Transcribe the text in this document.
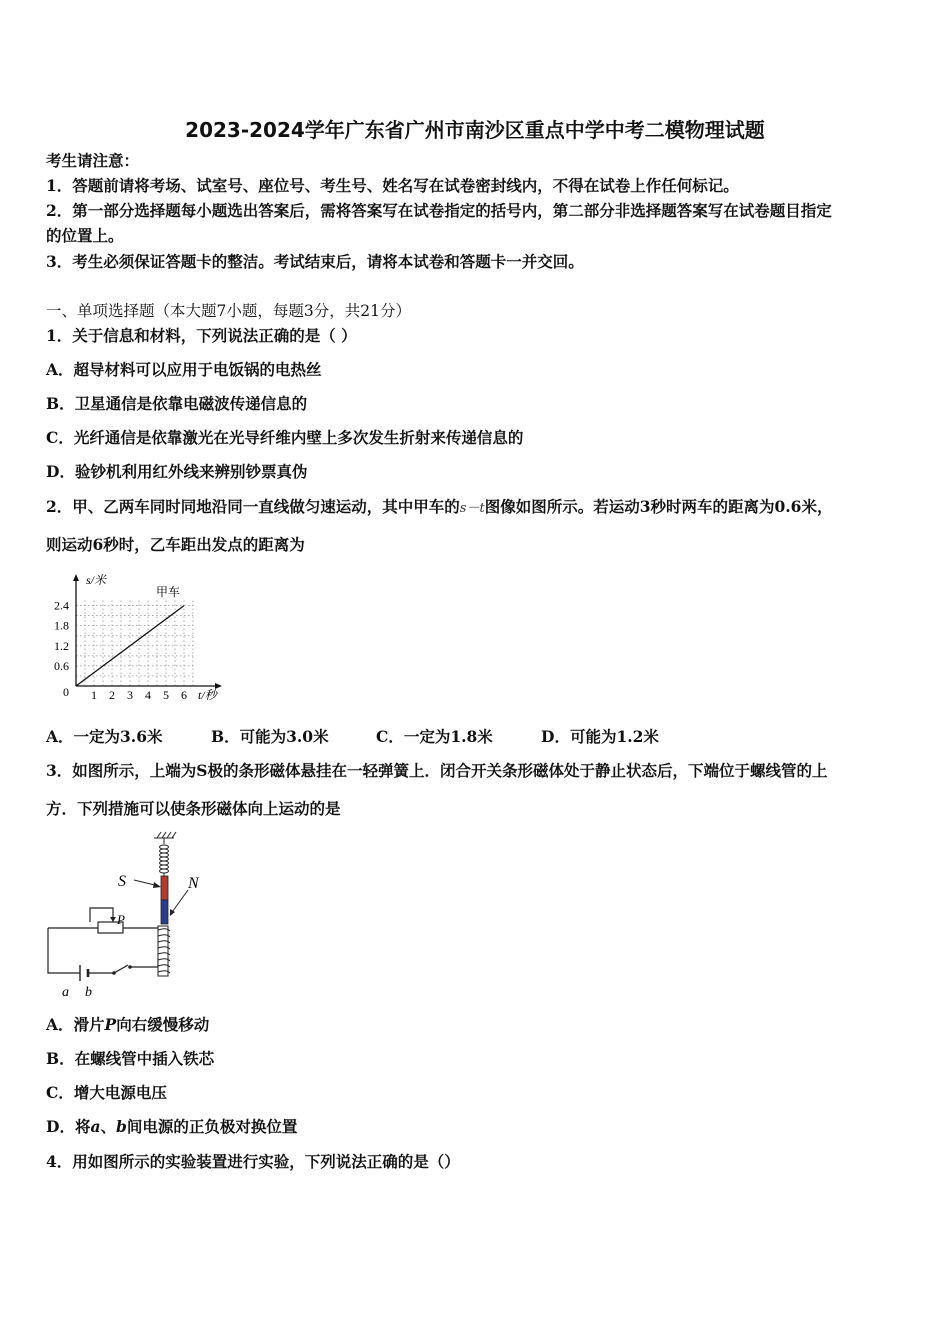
2023-2024学年广东省广州市南沙区重点中学中考二模物理试题
考生请注意：
1．答题前请将考场、试室号、座位号、考生号、姓名写在试卷密封线内，不得在试卷上作任何标记。
2．第一部分选择题每小题选出答案后，需将答案写在试卷指定的括号内，第二部分非选择题答案写在试卷题目指定
的位置上。
3．考生必须保证答题卡的整洁。考试结束后，请将本试卷和答题卡一并交回。
一、单项选择题（本大题7小题，每题3分，共21分）
1．关于信息和材料，下列说法正确的是（ ）
A．超导材料可以应用于电饭锅的电热丝
B．卫星通信是依靠电磁波传递信息的
C．光纤通信是依靠激光在光导纤维内壁上多次发生折射来传递信息的
D．验钞机利用红外线来辨别钞票真伪
2．甲、乙两车同时同地沿同一直线做匀速运动，其中甲车的s－t图像如图所示。若运动3秒时两车的距离为0.6米，
则运动6秒时，乙车距出发点的距离为
s/米
甲车
t/秒
0
2.4
1.8
1.2
0.6
1 2 3 4 5 6
A．一定为3.6米	B．可能为3.0米	C．一定为1.8米	D．可能为1.2米
3．如图所示，上端为S极的条形磁体悬挂在一轻弹簧上．闭合开关条形磁体处于静止状态后，下端位于螺线管的上
方．下列措施可以使条形磁体向上运动的是
S	N
P
a b
A．滑片P向右缓慢移动
B．在螺线管中插入铁芯
C．增大电源电压
D．将a、b间电源的正负极对换位置
4．用如图所示的实验装置进行实验，下列说法正确的是（）
